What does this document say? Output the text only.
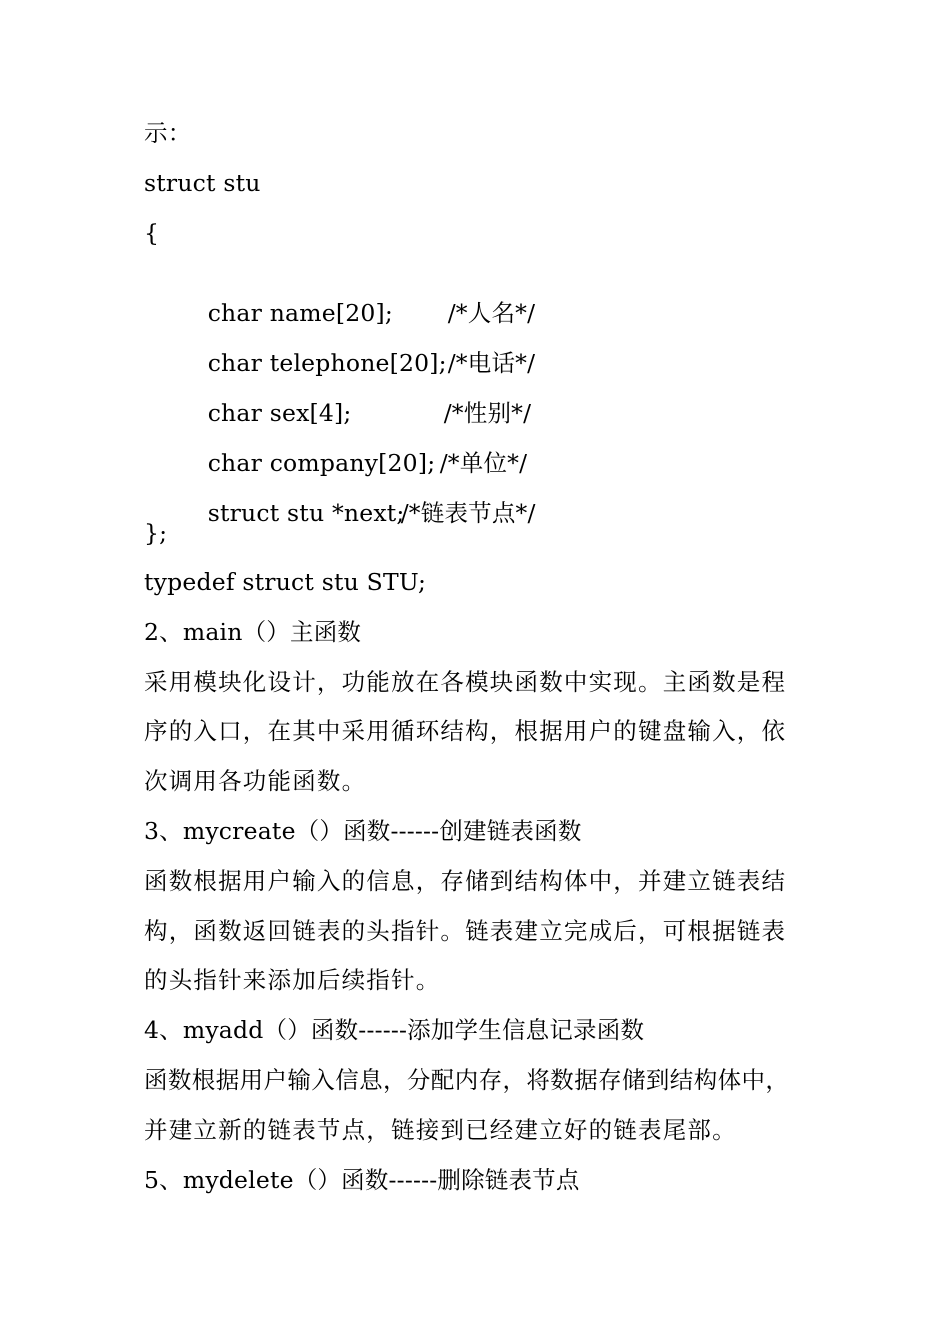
示：
struct stu
{

char name[20]; /*人名*/

char telephone[20];/*电话*/

char sex[4];	/*性别*/

char company[20]; /*单位*/

struct stu *next;/*链表节点*/

};
typedef struct stu STU;
2、main（）主函数
采用模块化设计，功能放在各模块函数中实现。主函数是程
序的入口，在其中采用循环结构，根据用户的键盘输入，依
次调用各功能函数。
3、mycreate（）函数------创建链表函数
函数根据用户输入的信息，存储到结构体中，并建立链表结
构，函数返回链表的头指针。链表建立完成后，可根据链表
的头指针来添加后续指针。
4、myadd（）函数------添加学生信息记录函数
函数根据用户输入信息，分配内存，将数据存储到结构体中，
并建立新的链表节点，链接到已经建立好的链表尾部。
5、mydelete（）函数------删除链表节点
